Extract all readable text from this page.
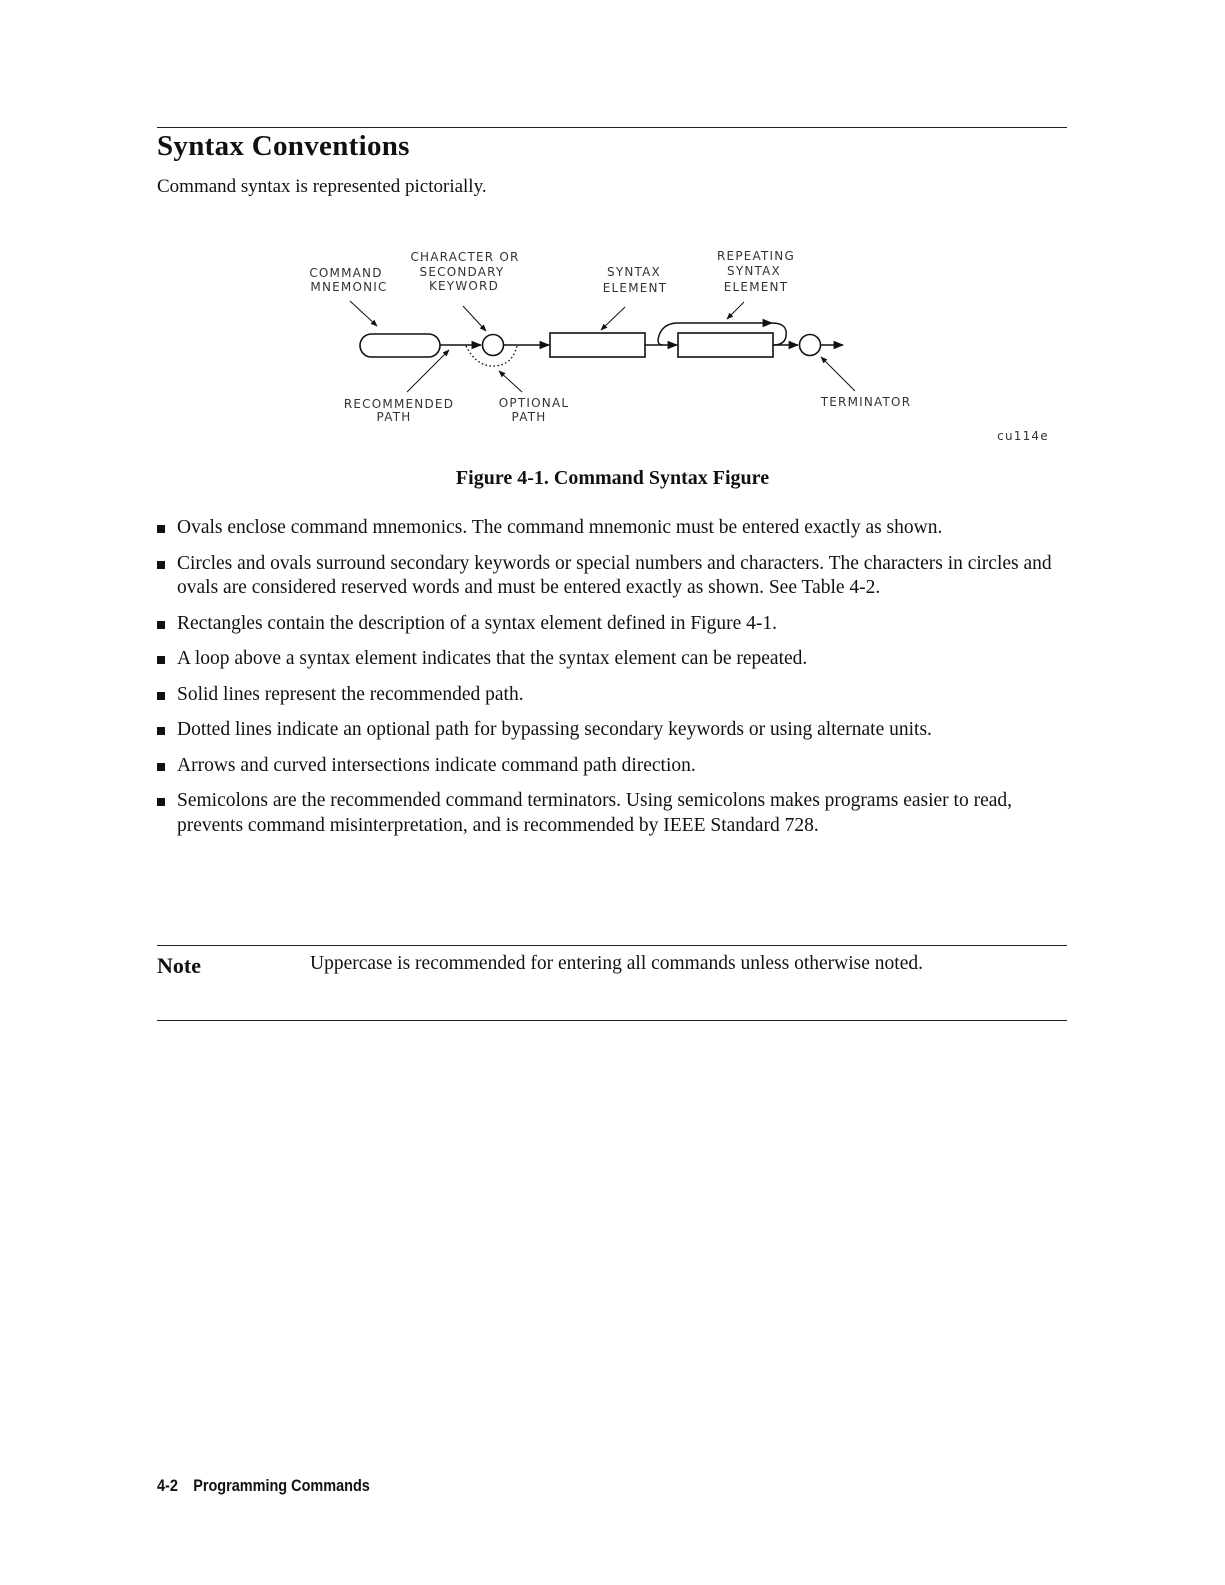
Syntax Conventions

Command syntax is represented pictorially.

COMMAND
MNEMONIC
CHARACTER OR
SECONDARY
KEYWORD
SYNTAX
ELEMENT
REPEATING
SYNTAX
ELEMENT
RECOMMENDED
PATH
OPTIONAL
PATH
TERMINATOR
cu114e
Figure 4-1. Command Syntax Figure
Ovals enclose command mnemonics. The command mnemonic must be entered exactly as shown.
Circles and ovals surround secondary keywords or special numbers and characters. The characters in circles and ovals are considered reserved words and must be entered exactly as shown. See Table 4-2.
Rectangles contain the description of a syntax element defined in Figure 4-1.
A loop above a syntax element indicates that the syntax element can be repeated.
Solid lines represent the recommended path.
Dotted lines indicate an optional path for bypassing secondary keywords or using alternate units.
Arrows and curved intersections indicate command path direction.
Semicolons are the recommended command terminators. Using semicolons makes programs easier to read, prevents command misinterpretation, and is recommended by IEEE Standard 728.
Note	Uppercase is recommended for entering all commands unless otherwise noted.
4-2 Programming Commands
